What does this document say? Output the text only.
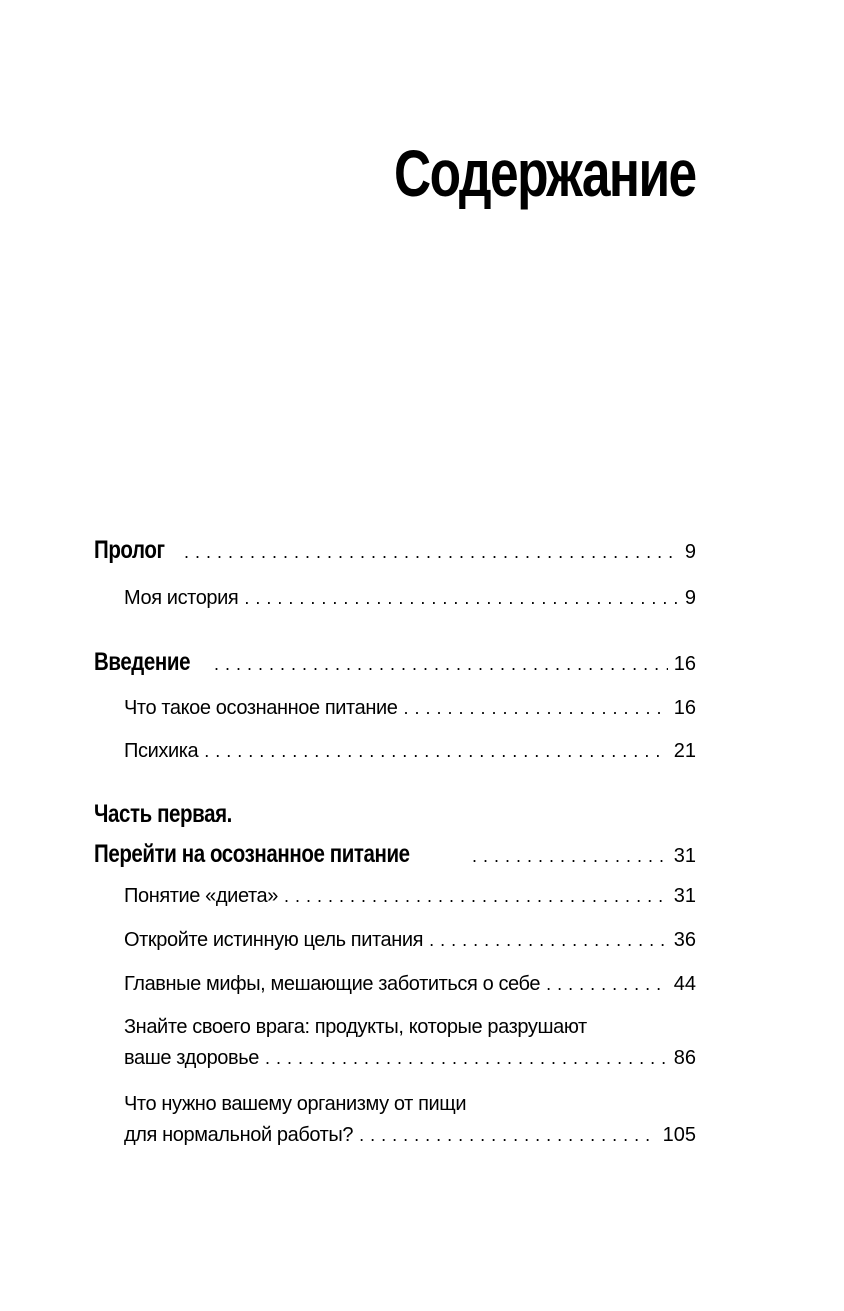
Содержание
Пролог . . .	9
Моя история . . .	9
Введение . . .	16
Что такое осознанное питание . . .	16
Психика . . .	21
Часть первая.
Перейти на осознанное питание . . .	31
Понятие «диета» . . .	31
Откройте истинную цель питания . . .	36
Главные мифы, мешающие заботиться о себе . . .	44
Знайте своего врага: продукты, которые разрушают
ваше здоровье . . .	86
Что нужно вашему организму от пищи
для нормальной работы? . . .	105
